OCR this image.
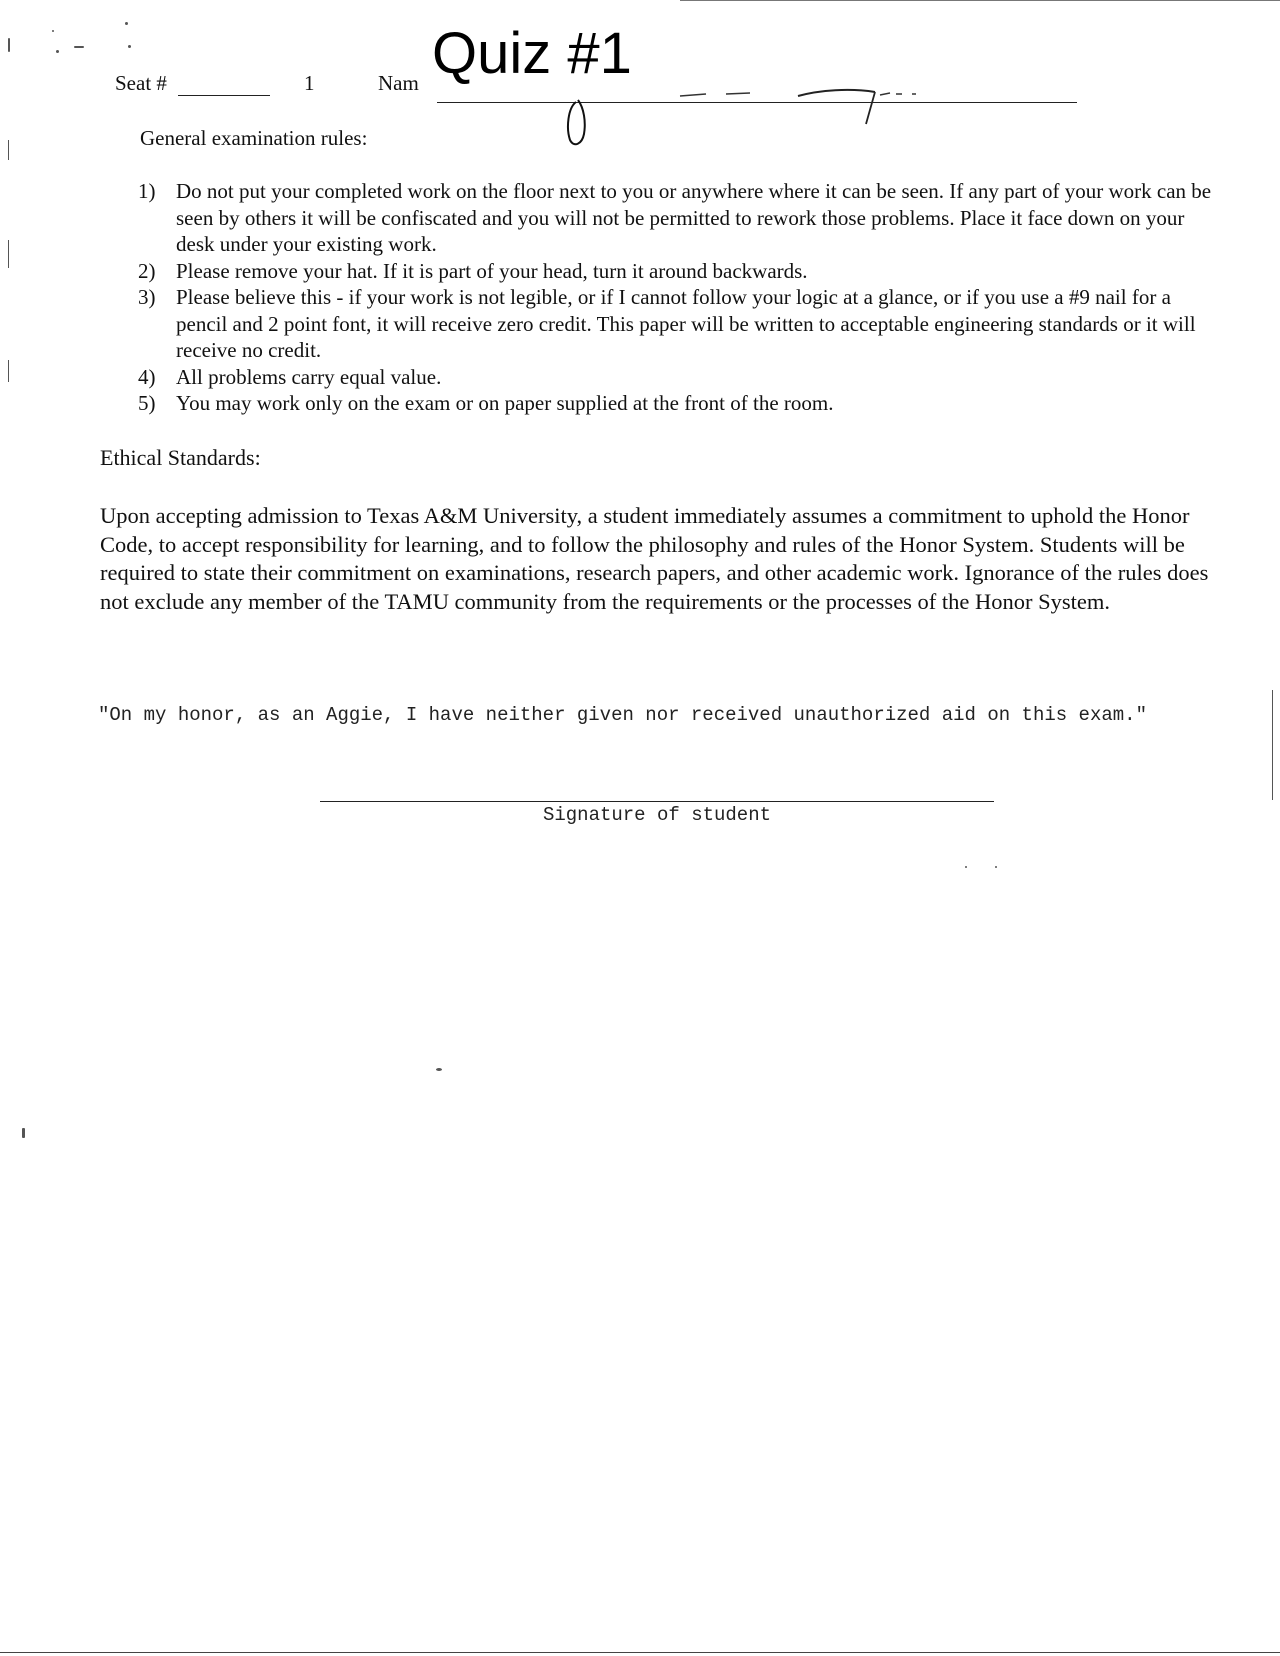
Quiz #1
Seat #	1	Nam
General examination rules:
1) Do not put your completed work on the floor next to you or anywhere where it can be seen. If any part of your work can be seen by others it will be confiscated and you will not be permitted to rework those problems. Place it face down on your desk under your existing work.
2) Please remove your hat. If it is part of your head, turn it around backwards.
3) Please believe this - if your work is not legible, or if I cannot follow your logic at a glance, or if you use a #9 nail for a pencil and 2 point font, it will receive zero credit. This paper will be written to acceptable engineering standards or it will receive no credit.
4) All problems carry equal value.
5) You may work only on the exam or on paper supplied at the front of the room.
Ethical Standards:

Upon accepting admission to Texas A&M University, a student immediately assumes a commitment to uphold the Honor Code, to accept responsibility for learning, and to follow the philosophy and rules of the Honor System. Students will be required to state their commitment on examinations, research papers, and other academic work. Ignorance of the rules does not exclude any member of the TAMU community from the requirements or the processes of the Honor System.

"On my honor, as an Aggie, I have neither given nor received unauthorized aid on this exam."

Signature of student
